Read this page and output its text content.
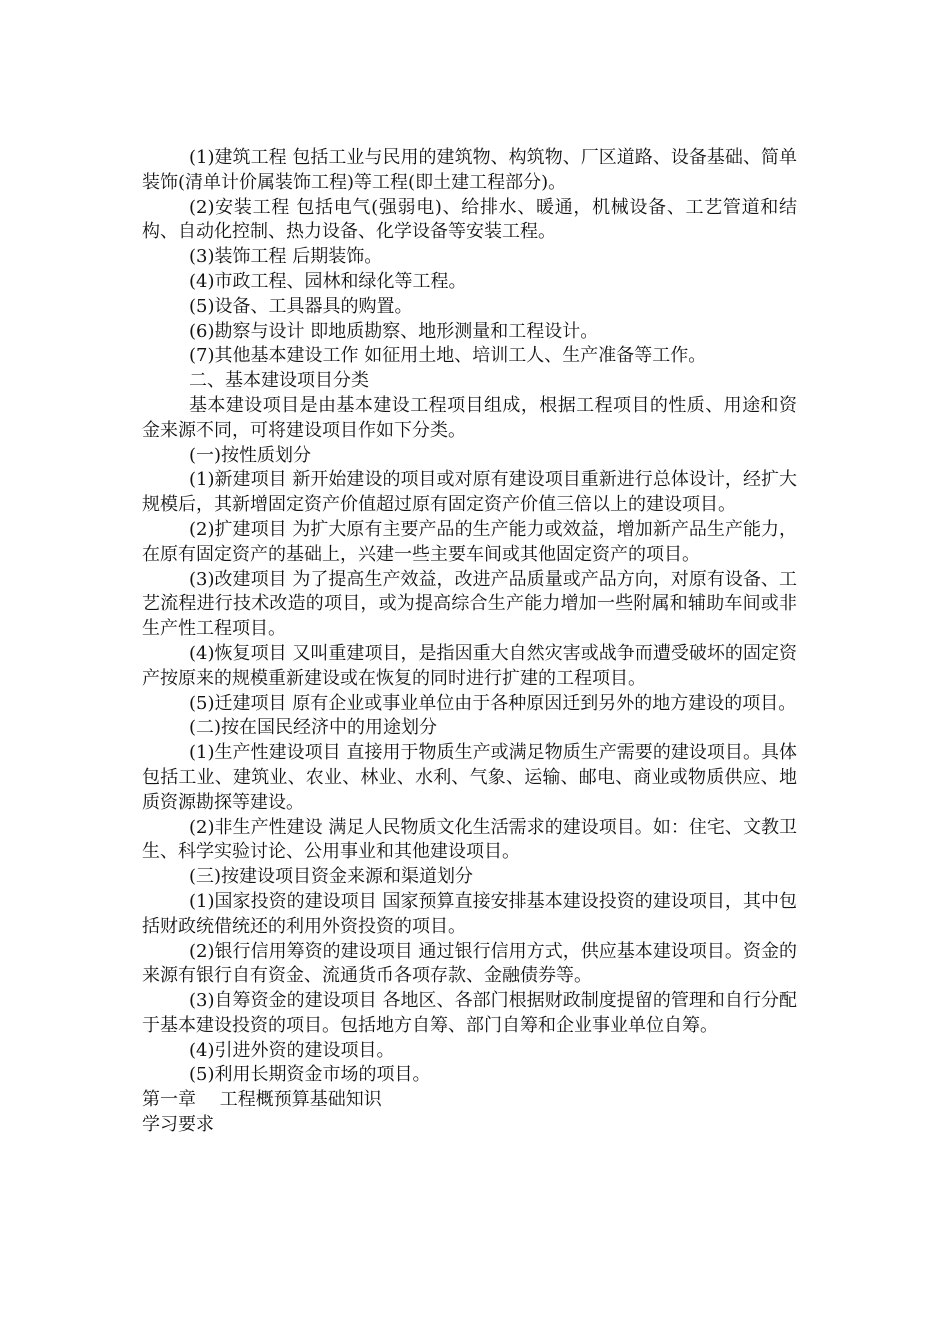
(1)建筑工程 包括工业与民用的建筑物、构筑物、厂区道路、设备基础、简单装饰(清单计价属装饰工程)等工程(即土建工程部分)。

(2)安装工程 包括电气(强弱电)、给排水、暖通，机械设备、工艺管道和结构、自动化控制、热力设备、化学设备等安装工程。

(3)装饰工程 后期装饰。

(4)市政工程、园林和绿化等工程。

(5)设备、工具器具的购置。

(6)勘察与设计 即地质勘察、地形测量和工程设计。

(7)其他基本建设工作 如征用土地、培训工人、生产准备等工作。

二、基本建设项目分类

基本建设项目是由基本建设工程项目组成，根据工程项目的性质、用途和资金来源不同，可将建设项目作如下分类。

(一)按性质划分

(1)新建项目 新开始建设的项目或对原有建设项目重新进行总体设计，经扩大规模后，其新增固定资产价值超过原有固定资产价值三倍以上的建设项目。

(2)扩建项目 为扩大原有主要产品的生产能力或效益，增加新产品生产能力，在原有固定资产的基础上，兴建一些主要车间或其他固定资产的项目。

(3)改建项目 为了提高生产效益，改进产品质量或产品方向，对原有设备、工艺流程进行技术改造的项目，或为提高综合生产能力增加一些附属和辅助车间或非生产性工程项目。

(4)恢复项目 又叫重建项目，是指因重大自然灾害或战争而遭受破坏的固定资产按原来的规模重新建设或在恢复的同时进行扩建的工程项目。

(5)迁建项目 原有企业或事业单位由于各种原因迁到另外的地方建设的项目。

(二)按在国民经济中的用途划分

(1)生产性建设项目 直接用于物质生产或满足物质生产需要的建设项目。具体包括工业、建筑业、农业、林业、水利、气象、运输、邮电、商业或物质供应、地质资源勘探等建设。

(2)非生产性建设 满足人民物质文化生活需求的建设项目。如：住宅、文教卫生、科学实验讨论、公用事业和其他建设项目。

(三)按建设项目资金来源和渠道划分

(1)国家投资的建设项目 国家预算直接安排基本建设投资的建设项目，其中包括财政统借统还的利用外资投资的项目。

(2)银行信用筹资的建设项目 通过银行信用方式，供应基本建设项目。资金的来源有银行自有资金、流通货币各项存款、金融债券等。

(3)自筹资金的建设项目 各地区、各部门根据财政制度提留的管理和自行分配于基本建设投资的项目。包括地方自筹、部门自筹和企业事业单位自筹。

(4)引进外资的建设项目。

(5)利用长期资金市场的项目。

第一章　 工程概预算基础知识

学习要求
